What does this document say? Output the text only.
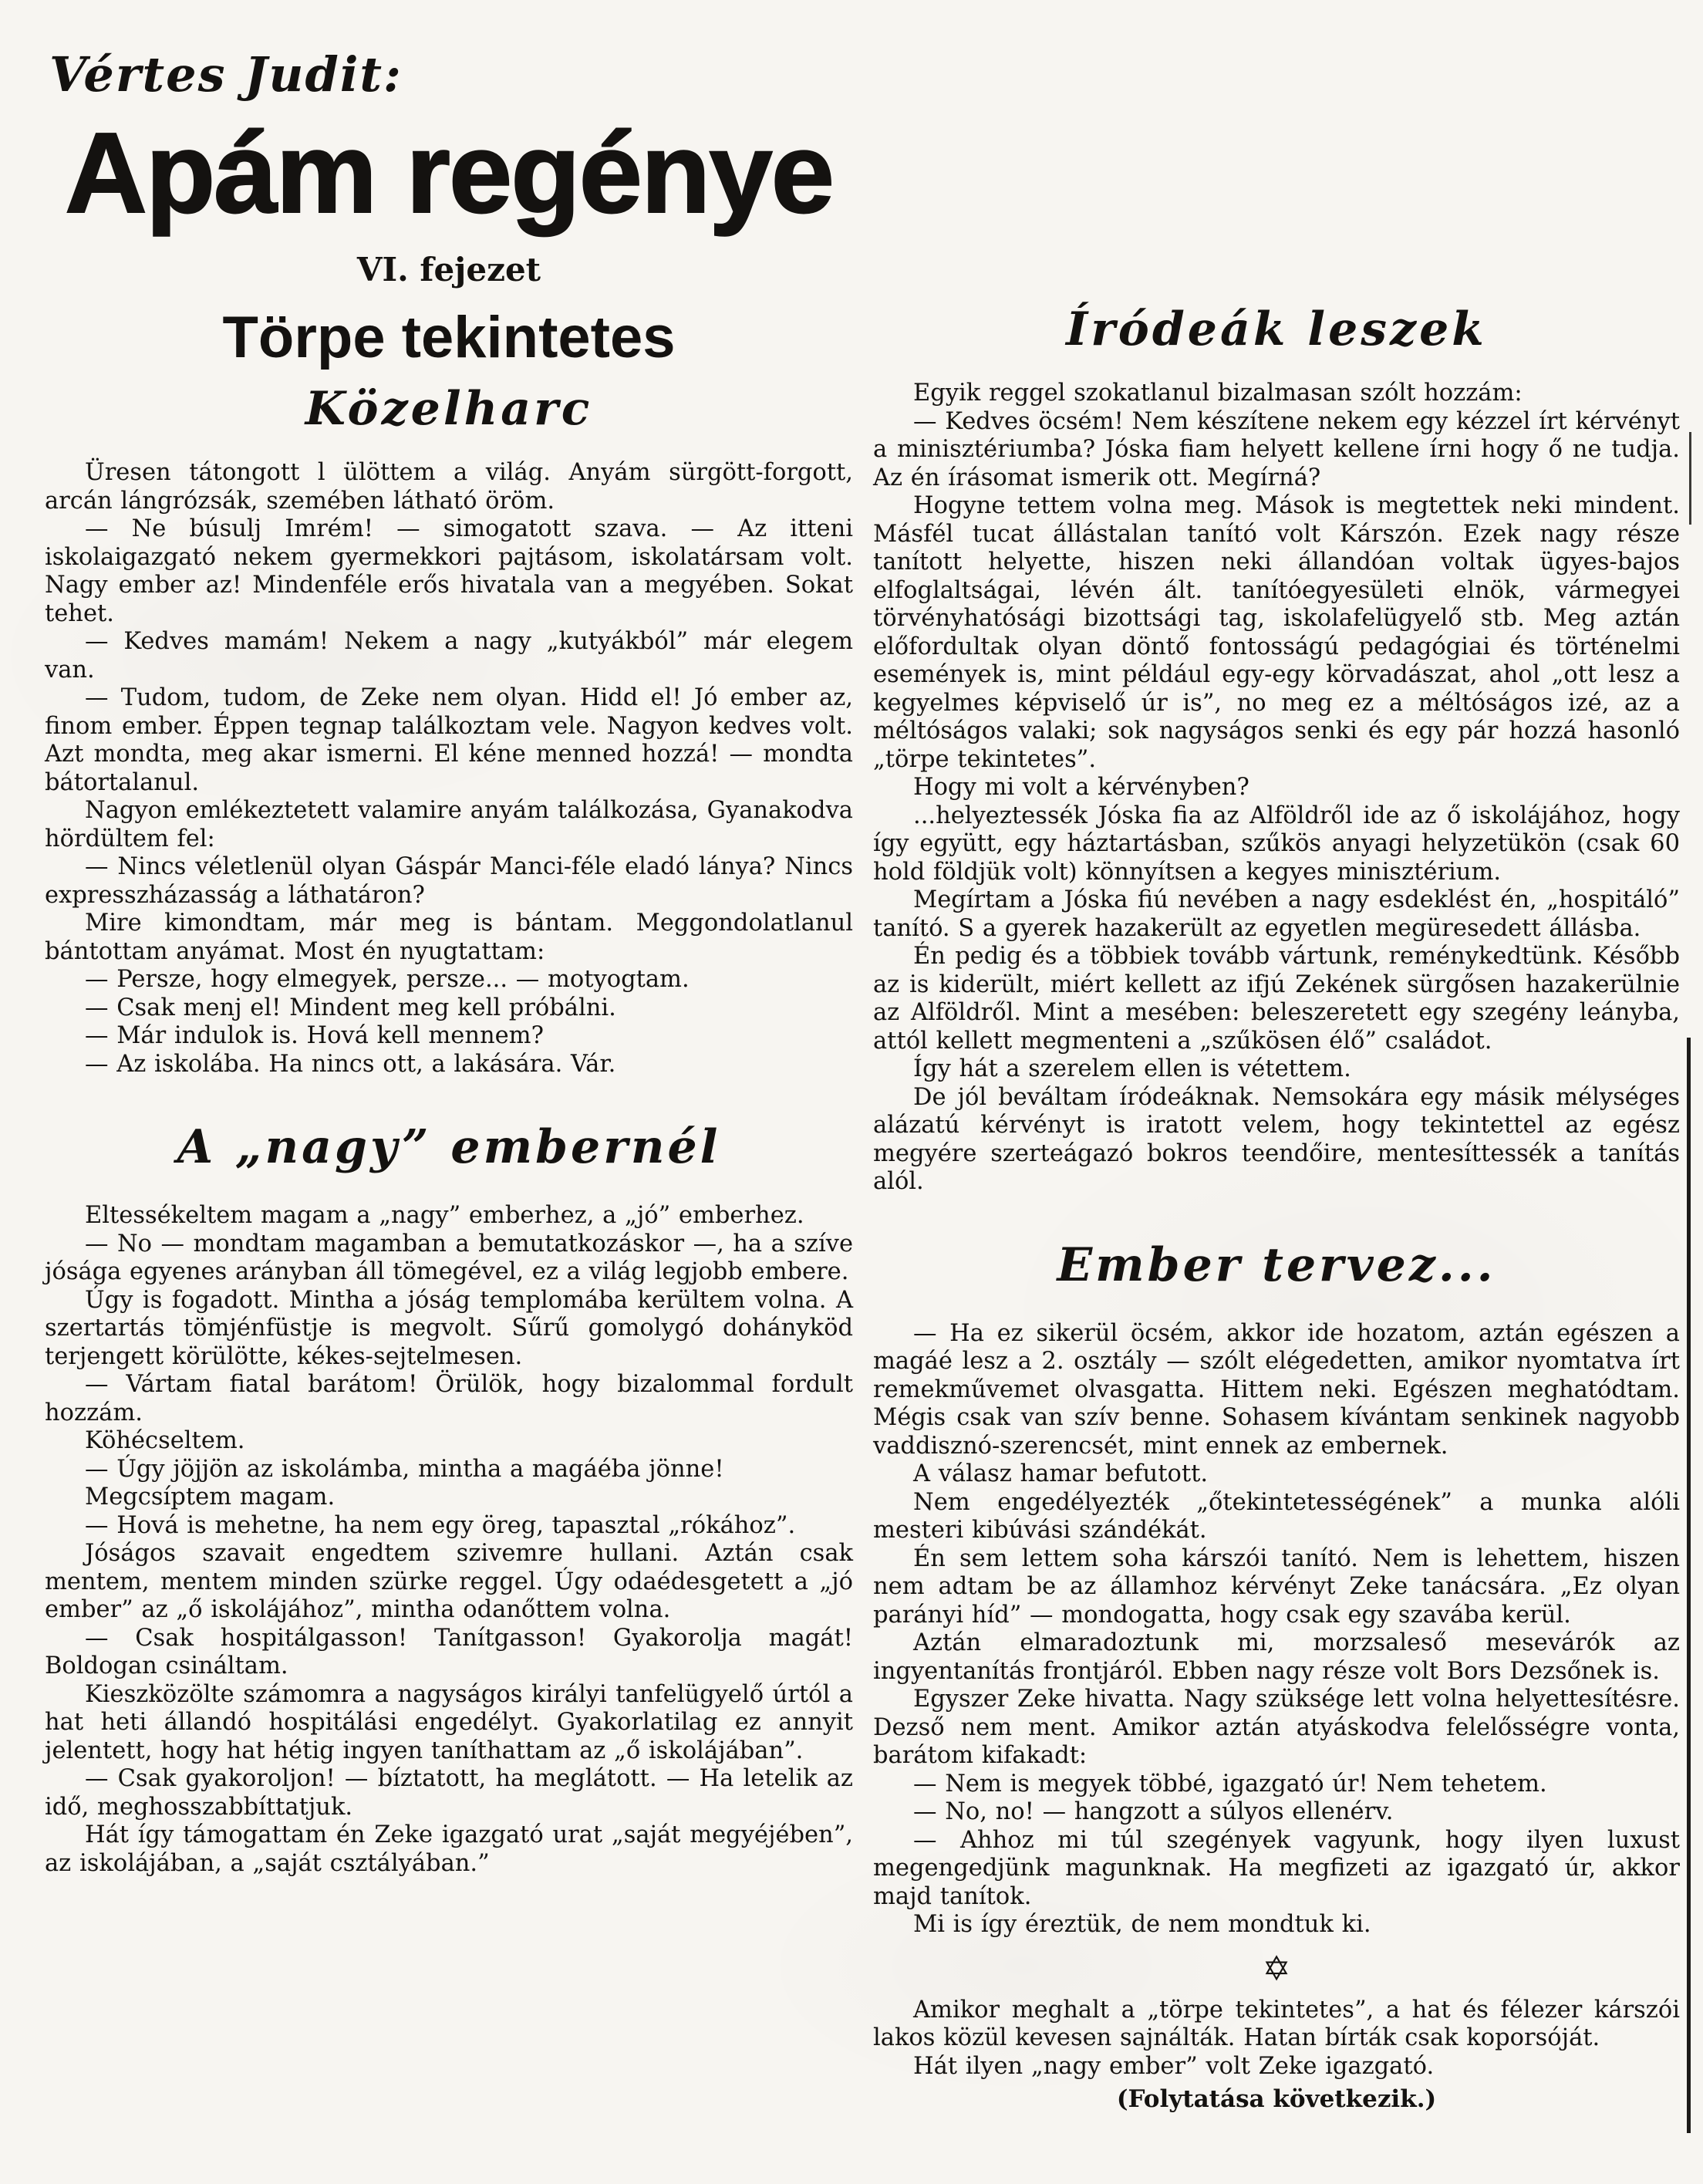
Vértes Judit:
Apám regénye
VI. fejezet
Törpe tekintetes
Közelharc

Üresen tátongott l ülöttem a világ. Anyám sürgött-forgott, arcán lángrózsák, szemében látható öröm.

— Ne búsulj Imrém! — simogatott szava. — Az itteni iskolaigazgató nekem gyermekkori pajtásom, iskolatársam volt. Nagy ember az! Mindenféle erős hivatala van a megyében. Sokat tehet.

— Kedves mamám! Nekem a nagy „kutyákból” már elegem van.

— Tudom, tudom, de Zeke nem olyan. Hidd el! Jó ember az, finom ember. Éppen tegnap találkoztam vele. Nagyon kedves volt. Azt mondta, meg akar ismerni. El kéne menned hozzá! — mondta bátortalanul.

Nagyon emlékeztetett valamire anyám találkozása, Gyanakodva hördültem fel:

— Nincs véletlenül olyan Gáspár Manci-féle eladó lánya? Nincs expresszházasság a láthatáron?

Mire kimondtam, már meg is bántam. Meggondolatlanul bántottam anyámat. Most én nyugtattam:

— Persze, hogy elmegyek, persze... — motyogtam.

— Csak menj el! Mindent meg kell próbálni.

— Már indulok is. Hová kell mennem?

— Az iskolába. Ha nincs ott, a lakására. Vár.

A „nagy” embernél

Eltessékeltem magam a „nagy” emberhez, a „jó” emberhez.

— No — mondtam magamban a bemutatkozáskor —, ha a szíve jósága egyenes arányban áll tömegével, ez a világ legjobb embere.

Úgy is fogadott. Mintha a jóság templomába kerültem volna. A szertartás tömjénfüstje is megvolt. Sűrű gomolygó dohányköd terjengett körülötte, kékes-sejtelmesen.

— Vártam fiatal barátom! Örülök, hogy bizalommal fordult hozzám.

Köhécseltem.

— Úgy jöjjön az iskolámba, mintha a magáéba jönne!

Megcsíptem magam.

— Hová is mehetne, ha nem egy öreg, tapasztal „rókához”.

Jóságos szavait engedtem szivemre hullani. Aztán csak mentem, mentem minden szürke reggel. Úgy odaédesgetett a „jó ember” az „ő iskolájához”, mintha odanőttem volna.

— Csak hospitálgasson! Tanítgasson! Gyakorolja magát! Boldogan csináltam.

Kieszközölte számomra a nagyságos királyi tanfelügyelő úrtól a hat heti állandó hospitálási engedélyt. Gyakorlatilag ez annyit jelentett, hogy hat hétig ingyen taníthattam az „ő iskolájában”.

— Csak gyakoroljon! — bíztatott, ha meglátott. — Ha letelik az idő, meghosszabbíttatjuk.

Hát így támogattam én Zeke igazgató urat „saját megyéjében”, az iskolájában, a „saját csztályában.”

Íródeák leszek

Egyik reggel szokatlanul bizalmasan szólt hozzám:

— Kedves öcsém! Nem készítene nekem egy kézzel írt kérvényt a minisztériumba? Jóska fiam helyett kellene írni hogy ő ne tudja. Az én írásomat ismerik ott. Megírná?

Hogyne tettem volna meg. Mások is megtettek neki mindent. Másfél tucat állástalan tanító volt Kárszón. Ezek nagy része tanított helyette, hiszen neki állandóan voltak ügyes-bajos elfoglaltságai, lévén ált. tanítóegyesületi elnök, vármegyei törvényhatósági bizottsági tag, iskolafelügyelő stb. Meg aztán előfordultak olyan döntő fontosságú pedagógiai és történelmi események is, mint például egy-egy körvadászat, ahol „ott lesz a kegyelmes képviselő úr is”, no meg ez a méltóságos izé, az a méltóságos valaki; sok nagyságos senki és egy pár hozzá hasonló „törpe tekintetes”.

Hogy mi volt a kérvényben?

...helyeztessék Jóska fia az Alföldről ide az ő iskolájához, hogy így együtt, egy háztartásban, szűkös anyagi helyzetükön (csak 60 hold földjük volt) könnyítsen a kegyes minisztérium.

Megírtam a Jóska fiú nevében a nagy esdeklést én, „hospitáló” tanító. S a gyerek hazakerült az egyetlen megüresedett állásba.

Én pedig és a többiek tovább vártunk, reménykedtünk. Később az is kiderült, miért kellett az ifjú Zekének sürgősen hazakerülnie az Alföldről. Mint a mesében: beleszeretett egy szegény leányba, attól kellett megmenteni a „szűkösen élő” családot.

Így hát a szerelem ellen is vétettem.

De jól beváltam íródeáknak. Nemsokára egy másik mélységes alázatú kérvényt is iratott velem, hogy tekintettel az egész megyére szerteágazó bokros teendőire, mentesíttessék a tanítás alól.

Ember tervez...

— Ha ez sikerül öcsém, akkor ide hozatom, aztán egészen a magáé lesz a 2. osztály — szólt elégedetten, amikor nyomtatva írt remekművemet olvasgatta. Hittem neki. Egészen meghatódtam. Mégis csak van szív benne. Sohasem kívántam senkinek nagyobb vaddisznó-szerencsét, mint ennek az embernek.

A válasz hamar befutott.

Nem engedélyezték „őtekintetességének” a munka alóli mesteri kibúvási szándékát.

Én sem lettem soha kárszói tanító. Nem is lehettem, hiszen nem adtam be az államhoz kérvényt Zeke tanácsára. „Ez olyan parányi híd” — mondogatta, hogy csak egy szavába kerül.

Aztán elmaradoztunk mi, morzsaleső mesevárók az ingyentanítás frontjáról. Ebben nagy része volt Bors Dezsőnek is.

Egyszer Zeke hivatta. Nagy szüksége lett volna helyettesítésre. Dezső nem ment. Amikor aztán atyáskodva felelősségre vonta, barátom kifakadt:

— Nem is megyek többé, igazgató úr! Nem tehetem.

— No, no! — hangzott a súlyos ellenérv.

— Ahhoz mi túl szegények vagyunk, hogy ilyen luxust megengedjünk magunknak. Ha megfizeti az igazgató úr, akkor majd tanítok.

Mi is így éreztük, de nem mondtuk ki.

✡

Amikor meghalt a „törpe tekintetes”, a hat és félezer kárszói lakos közül kevesen sajnálták. Hatan bírták csak koporsóját.

Hát ilyen „nagy ember” volt Zeke igazgató.

(Folytatása következik.)
